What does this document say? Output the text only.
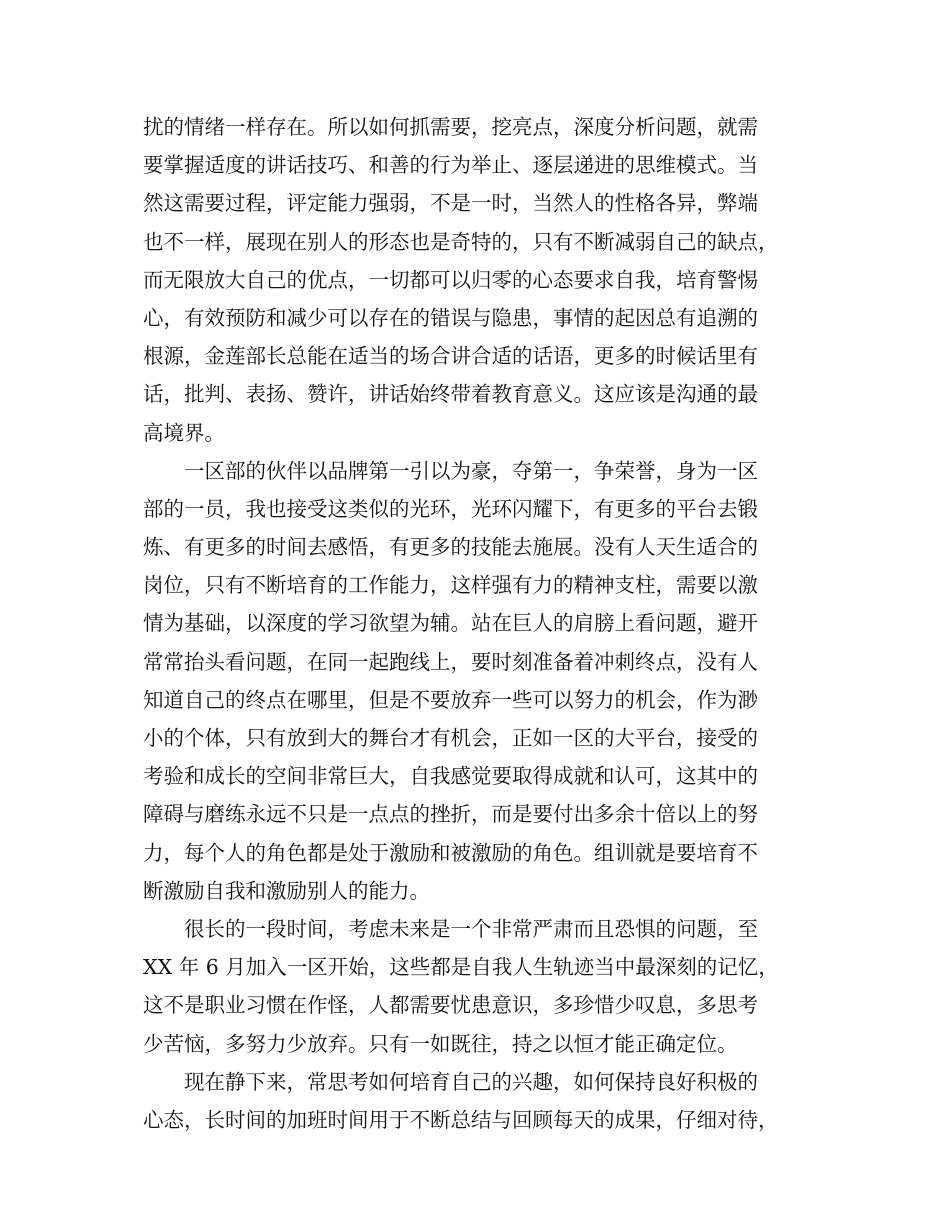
扰的情绪一样存在。所以如何抓需要，挖亮点，深度分析问题，就需
要掌握适度的讲话技巧、和善的行为举止、逐层递进的思维模式。当
然这需要过程，评定能力强弱，不是一时，当然人的性格各异，弊端
也不一样，展现在别人的形态也是奇特的，只有不断减弱自己的缺点，
而无限放大自己的优点，一切都可以归零的心态要求自我，培育警惕
心，有效预防和减少可以存在的错误与隐患，事情的起因总有追溯的
根源，金莲部长总能在适当的场合讲合适的话语，更多的时候话里有
话，批判、表扬、赞许，讲话始终带着教育意义。这应该是沟通的最
高境界。
　　一区部的伙伴以品牌第一引以为豪，夺第一，争荣誉，身为一区
部的一员，我也接受这类似的光环，光环闪耀下，有更多的平台去锻
炼、有更多的时间去感悟，有更多的技能去施展。没有人天生适合的
岗位，只有不断培育的工作能力，这样强有力的精神支柱，需要以激
情为基础，以深度的学习欲望为辅。站在巨人的肩膀上看问题，避开
常常抬头看问题，在同一起跑线上，要时刻准备着冲刺终点，没有人
知道自己的终点在哪里，但是不要放弃一些可以努力的机会，作为渺
小的个体，只有放到大的舞台才有机会，正如一区的大平台，接受的
考验和成长的空间非常巨大，自我感觉要取得成就和认可，这其中的
障碍与磨练永远不只是一点点的挫折，而是要付出多余十倍以上的努
力，每个人的角色都是处于激励和被激励的角色。组训就是要培育不
断激励自我和激励别人的能力。
　　很长的一段时间，考虑未来是一个非常严肃而且恐惧的问题，至
XX 年 6 月加入一区开始，这些都是自我人生轨迹当中最深刻的记忆，
这不是职业习惯在作怪，人都需要忧患意识，多珍惜少叹息，多思考
少苦恼，多努力少放弃。只有一如既往，持之以恒才能正确定位。
　　现在静下来，常思考如何培育自己的兴趣，如何保持良好积极的
心态，长时间的加班时间用于不断总结与回顾每天的成果，仔细对待，
